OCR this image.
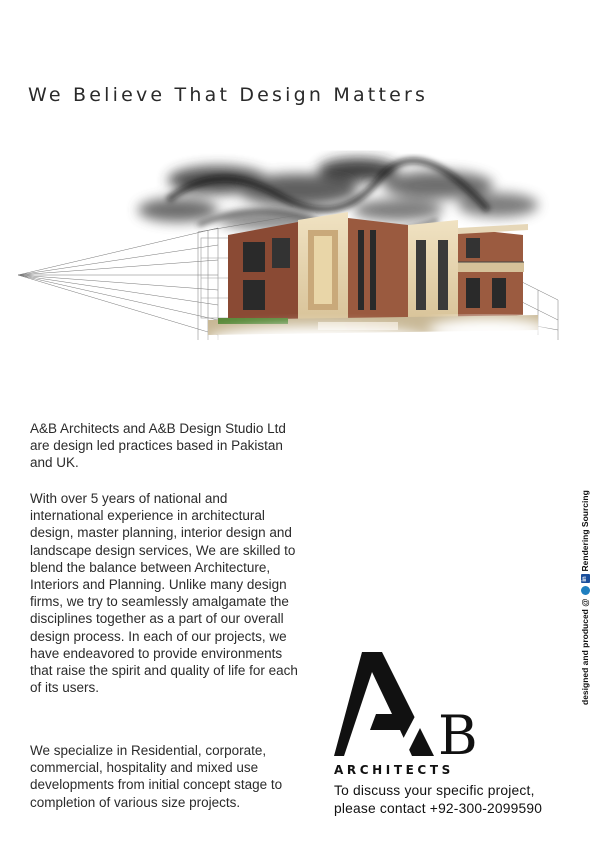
We Believe That Design Matters

A&B Architects and A&B Design Studio Ltd are design led practices based in Pakistan and UK.

With over 5 years of national and international experience in architectural design, master planning, interior design and landscape design services, We are skilled to blend the balance between Architecture, Interiors and Planning. Unlike many design firms, we try to seamlessly amalgamate the disciplines together as a part of our overall design process. In each of our projects, we have endeavored to provide environments that raise the spirit and quality of life for each of its users.

We specialize in Residential, corporate, commercial, hospitality and mixed use developments from initial concept stage to completion of various size projects.

designed and produced @
in
Rendering Sourcing
B
ARCHITECTS

To discuss your specific project,
please contact +92-300-2099590
